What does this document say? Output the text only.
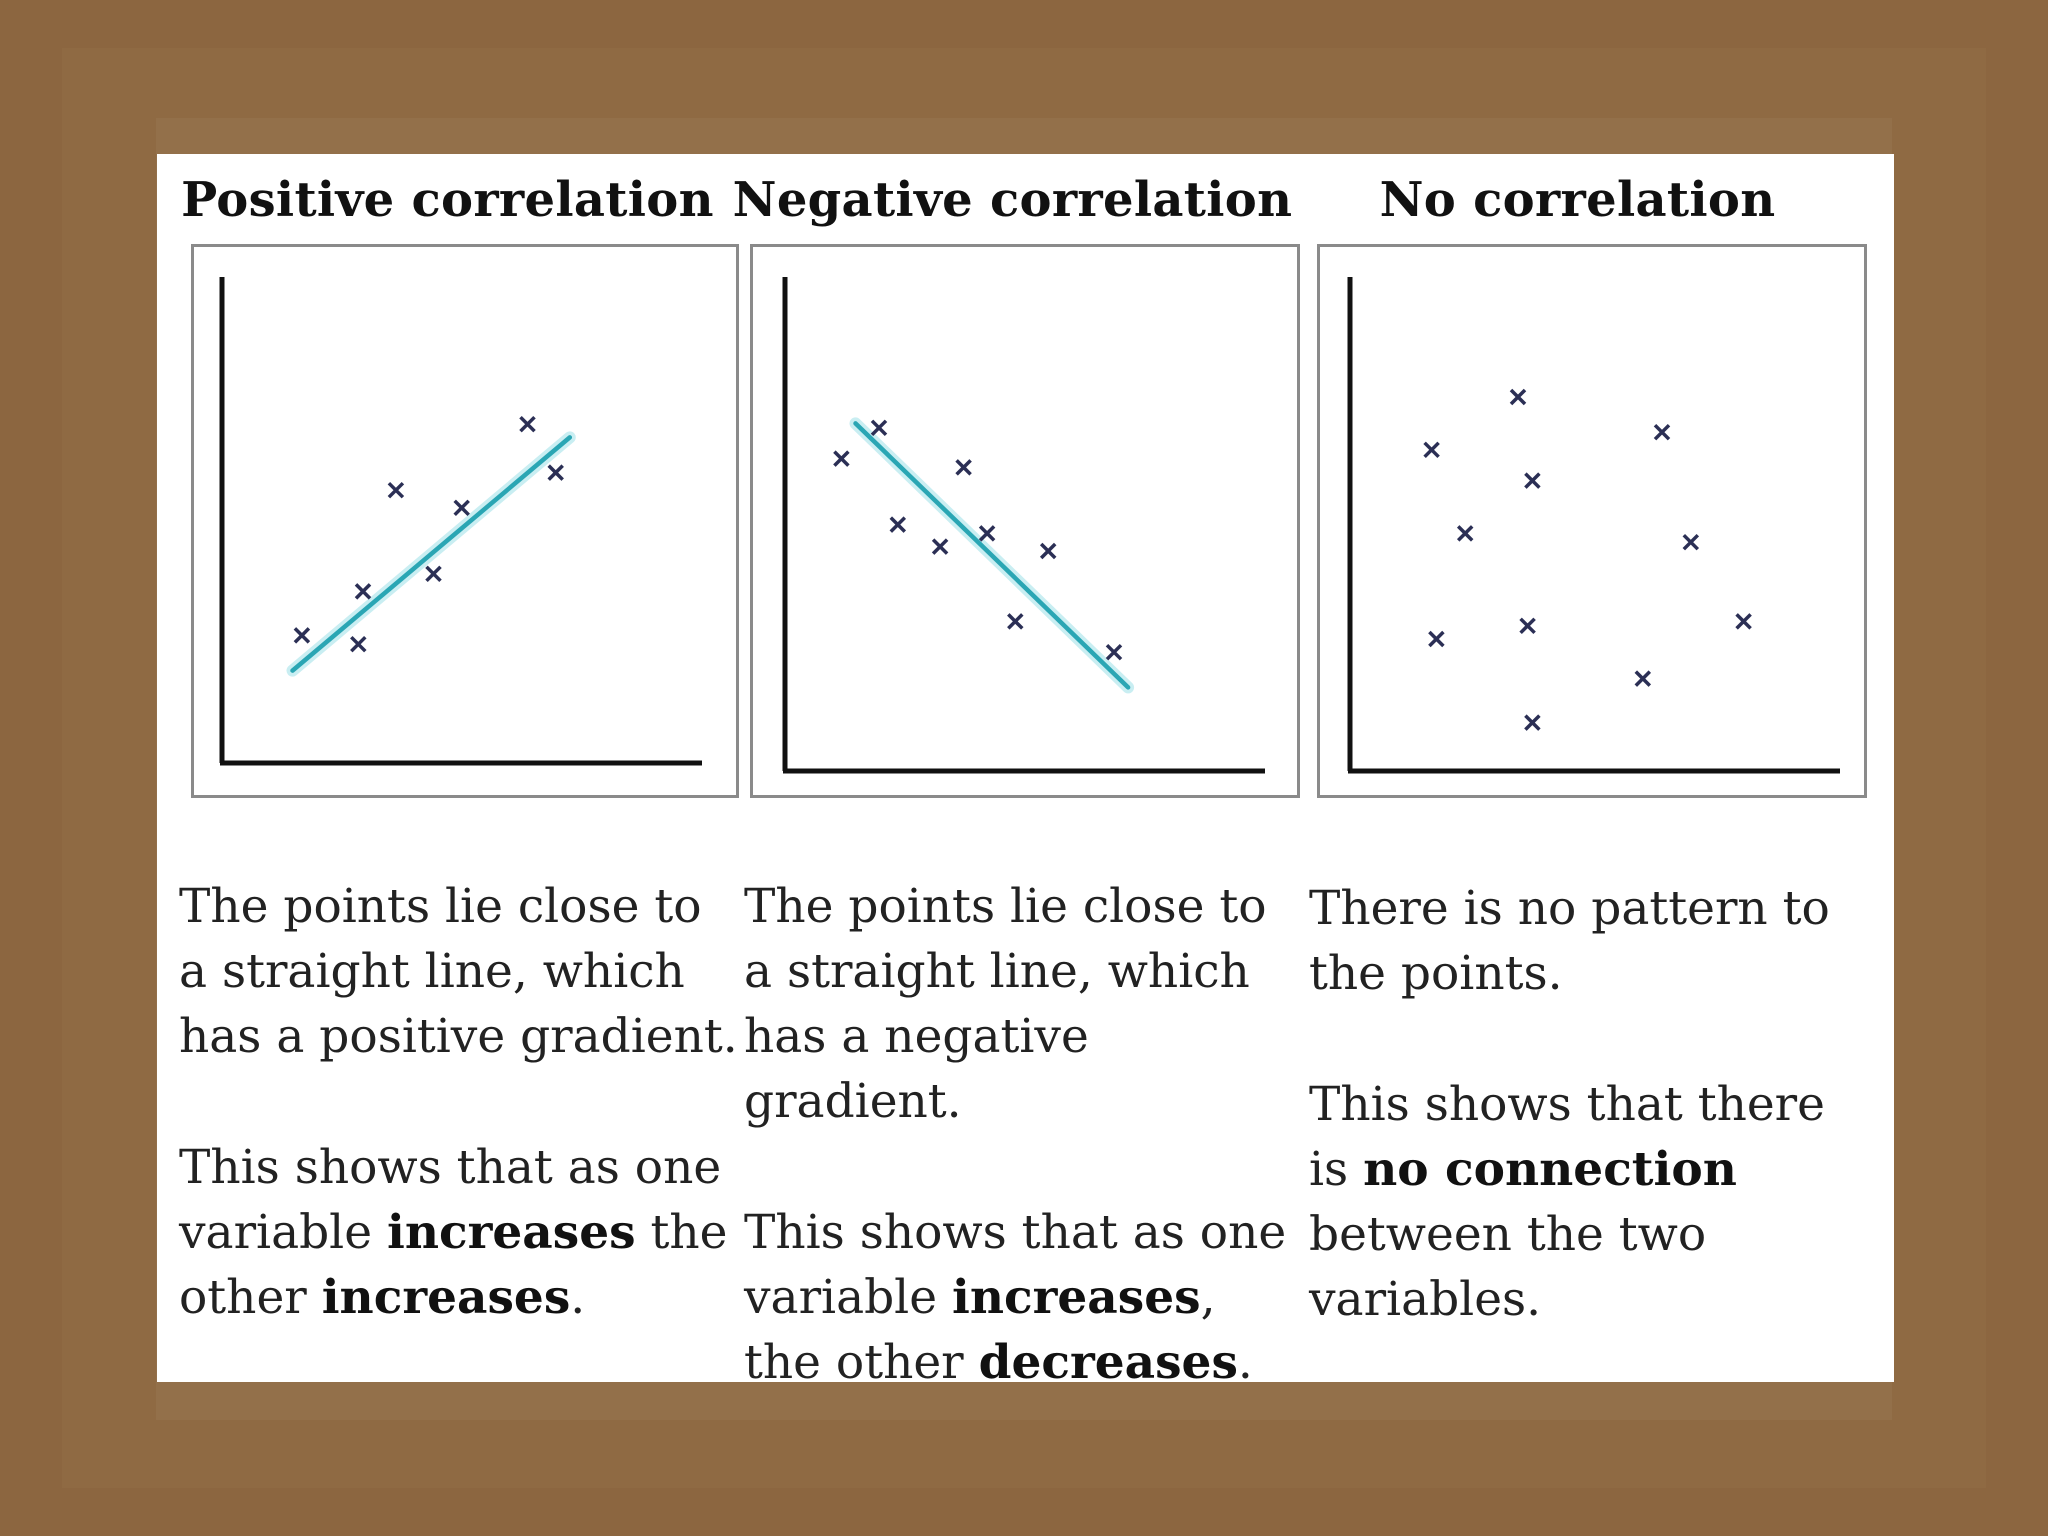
Positive correlation

The points lie close to a straight line, which has a positive gradient.

This shows that as one variable increases the other increases.

Negative correlation

The points lie close to a straight line, which has a negative gradient.

This shows that as one variable increases, the other decreases.

No correlation

There is no pattern to the points.

This shows that there is no connection between the two variables.
